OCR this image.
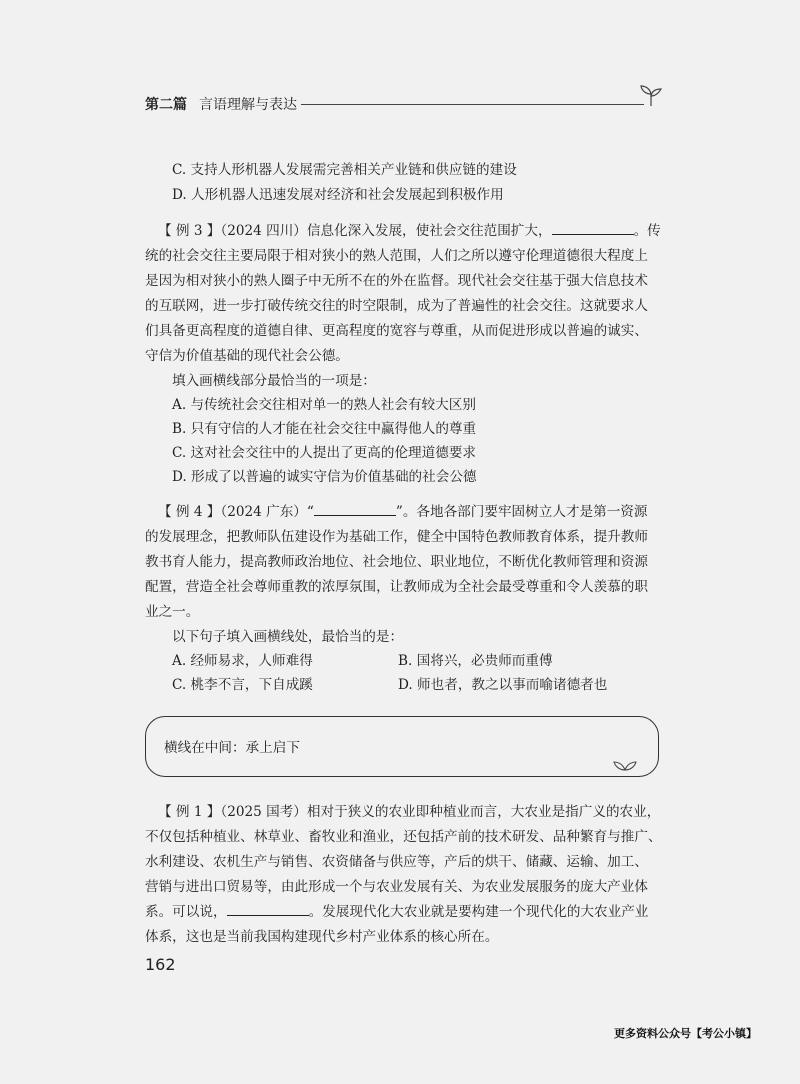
第二篇 言语理解与表达
C. 支持人形机器人发展需完善相关产业链和供应链的建设
D. 人形机器人迅速发展对经济和社会发展起到积极作用
【 例 3 】（2024 四川）信息化深入发展，使社会交往范围扩大，	。传
统的社会交往主要局限于相对狭小的熟人范围，人们之所以遵守伦理道德很大程度上
是因为相对狭小的熟人圈子中无所不在的外在监督。现代社会交往基于强大信息技术
的互联网，进一步打破传统交往的时空限制，成为了普遍性的社会交往。这就要求人
们具备更高程度的道德自律、更高程度的宽容与尊重，从而促进形成以普遍的诚实、
守信为价值基础的现代社会公德。
填入画横线部分最恰当的一项是：
A. 与传统社会交往相对单一的熟人社会有较大区别
B. 只有守信的人才能在社会交往中赢得他人的尊重
C. 这对社会交往中的人提出了更高的伦理道德要求
D. 形成了以普遍的诚实守信为价值基础的社会公德
【 例 4 】（2024 广东）“	”。各地各部门要牢固树立人才是第一资源
的发展理念，把教师队伍建设作为基础工作，健全中国特色教师教育体系，提升教师
教书育人能力，提高教师政治地位、社会地位、职业地位，不断优化教师管理和资源
配置，营造全社会尊师重教的浓厚氛围，让教师成为全社会最受尊重和令人羡慕的职
业之一。
以下句子填入画横线处，最恰当的是：
A. 经师易求，人师难得	B. 国将兴，必贵师而重傅
C. 桃李不言，下自成蹊	D. 师也者，教之以事而喻诸德者也
横线在中间：承上启下
【 例 1 】（2025 国考）相对于狭义的农业即种植业而言，大农业是指广义的农业，
不仅包括种植业、林草业、畜牧业和渔业，还包括产前的技术研发、品种繁育与推广、
水利建设、农机生产与销售、农资储备与供应等，产后的烘干、储藏、运输、加工、
营销与进出口贸易等，由此形成一个与农业发展有关、为农业发展服务的庞大产业体
系。可以说，	。发展现代化大农业就是要构建一个现代化的大农业产业
体系，这也是当前我国构建现代乡村产业体系的核心所在。
162
更多资料公众号【考公小镇】
